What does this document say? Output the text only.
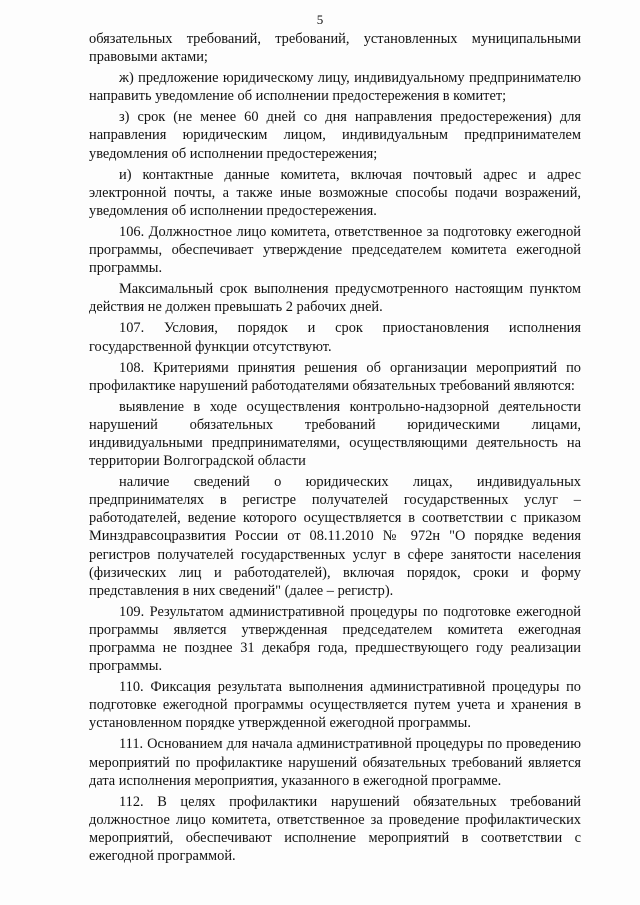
5

обязательных требований, требований, установленных муниципальными правовыми актами;

ж) предложение юридическому лицу, индивидуальному предпринимателю направить уведомление об исполнении предостережения в комитет;

з) срок (не менее 60 дней со дня направления предостережения) для направления юридическим лицом, индивидуальным предпринимателем уведомления об исполнении предостережения;

и) контактные данные комитета, включая почтовый адрес и адрес электронной почты, а также иные возможные способы подачи возражений, уведомления об исполнении предостережения.

106. Должностное лицо комитета, ответственное за подготовку ежегодной программы, обеспечивает утверждение председателем комитета ежегодной программы.

Максимальный срок выполнения предусмотренного настоящим пунктом действия не должен превышать 2 рабочих дней.

107. Условия, порядок и срок приостановления исполнения государственной функции отсутствуют.

108. Критериями принятия решения об организации мероприятий по профилактике нарушений работодателями обязательных требований являются:

выявление в ходе осуществления контрольно-надзорной деятельности нарушений обязательных требований юридическими лицами, индивидуальными предпринимателями, осуществляющими деятельность на территории Волгоградской области

наличие сведений о юридических лицах, индивидуальных предпринимателях в регистре получателей государственных услуг – работодателей, ведение которого осуществляется в соответствии с приказом Минздравсоцразвития России от 08.11.2010 № 972н "О порядке ведения регистров получателей государственных услуг в сфере занятости населения (физических лиц и работодателей), включая порядок, сроки и форму представления в них сведений" (далее – регистр).

109. Результатом административной процедуры по подготовке ежегодной программы является утвержденная председателем комитета ежегодная программа не позднее 31 декабря года, предшествующего году реализации программы.

110. Фиксация результата выполнения административной процедуры по подготовке ежегодной программы осуществляется путем учета и хранения в установленном порядке утвержденной ежегодной программы.

111. Основанием для начала административной процедуры по проведению мероприятий по профилактике нарушений обязательных требований является дата исполнения мероприятия, указанного в ежегодной программе.

112. В целях профилактики нарушений обязательных требований должностное лицо комитета, ответственное за проведение профилактических мероприятий, обеспечивают исполнение мероприятий в соответствии с ежегодной программой.
